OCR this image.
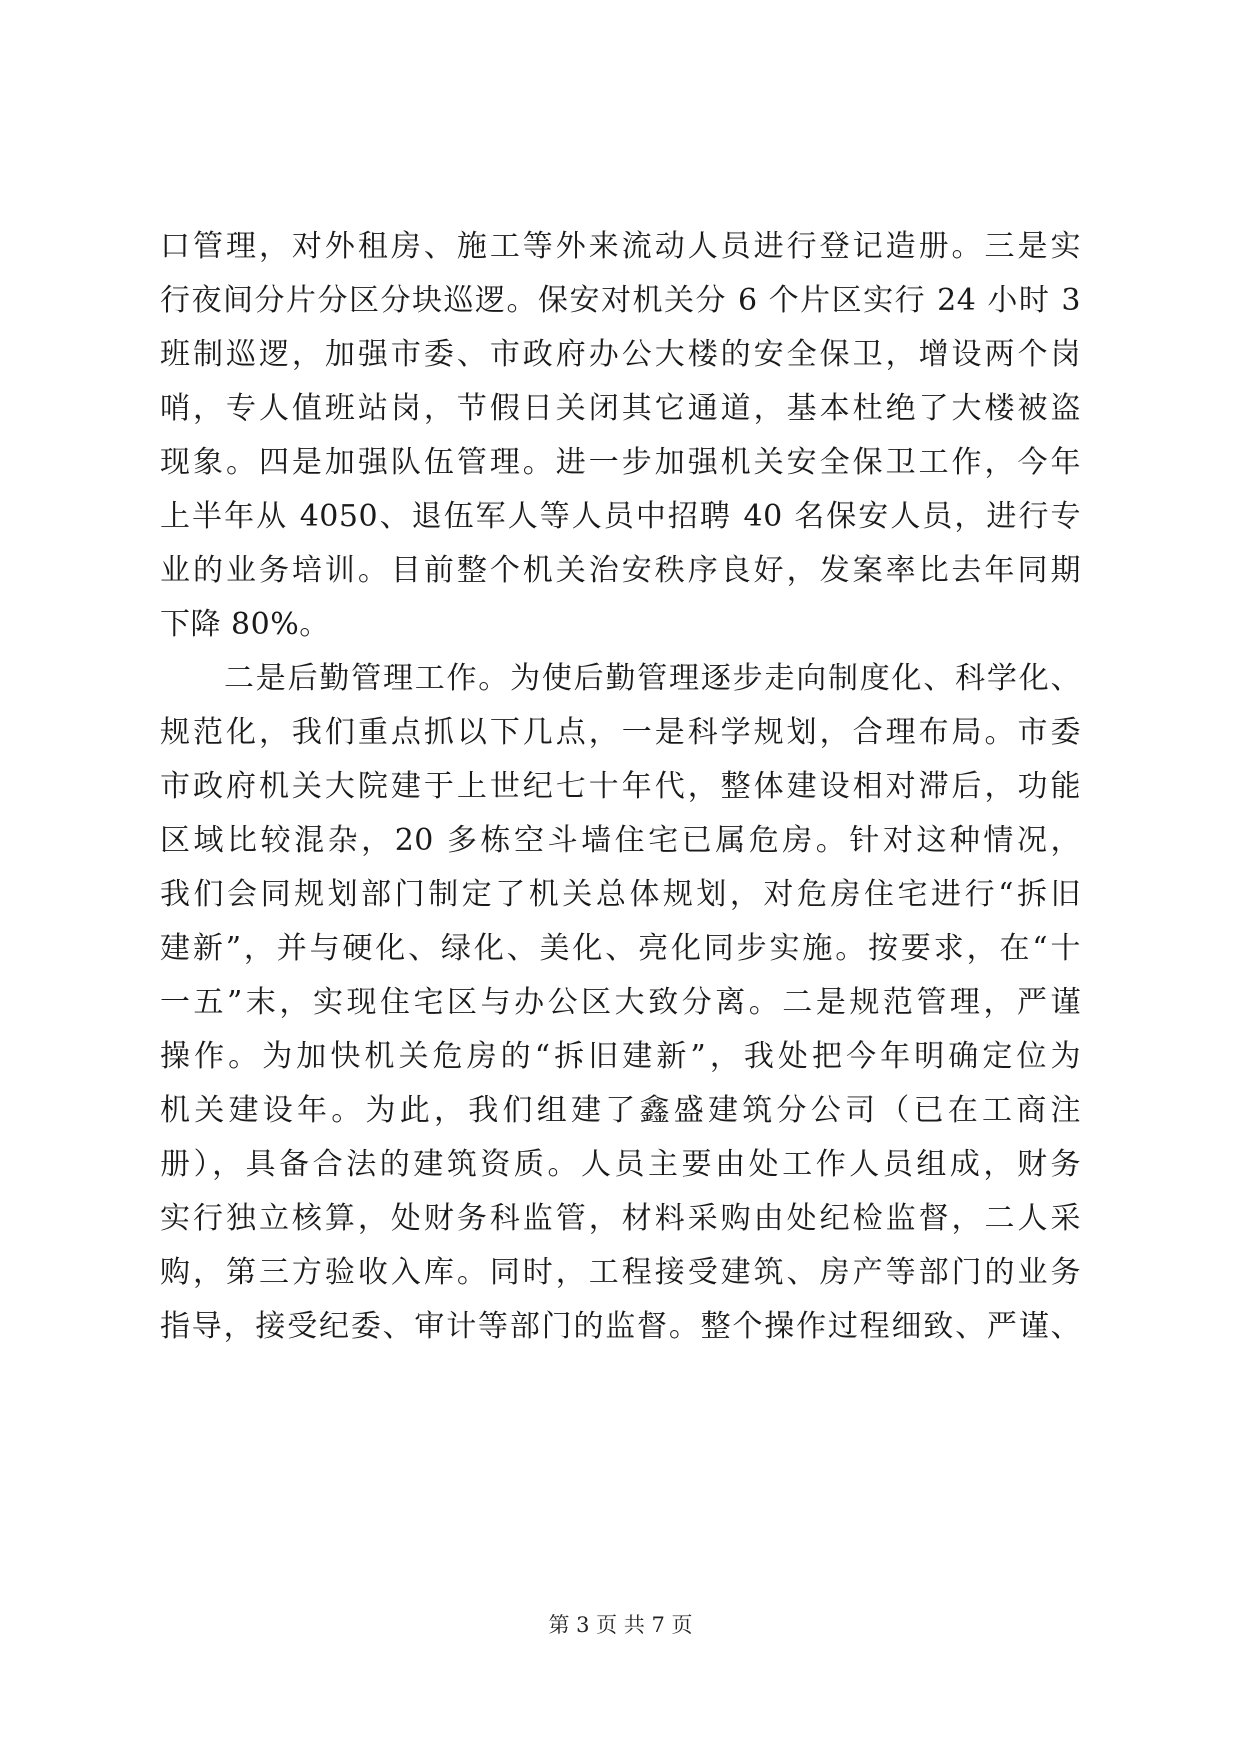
口管理，对外租房、施工等外来流动人员进行登记造册。三是实
行夜间分片分区分块巡逻。保安对机关分 6 个片区实行 24 小时 3
班制巡逻，加强市委、市政府办公大楼的安全保卫，增设两个岗
哨，专人值班站岗，节假日关闭其它通道，基本杜绝了大楼被盗
现象。四是加强队伍管理。进一步加强机关安全保卫工作，今年
上半年从 4050、退伍军人等人员中招聘 40 名保安人员，进行专
业的业务培训。目前整个机关治安秩序良好，发案率比去年同期
下降 80%。
二是后勤管理工作。为使后勤管理逐步走向制度化、科学化、
规范化，我们重点抓以下几点，一是科学规划，合理布局。市委
市政府机关大院建于上世纪七十年代，整体建设相对滞后，功能
区域比较混杂，20 多栋空斗墙住宅已属危房。针对这种情况，
我们会同规划部门制定了机关总体规划，对危房住宅进行“拆旧
建新”，并与硬化、绿化、美化、亮化同步实施。按要求，在“十
一五”末，实现住宅区与办公区大致分离。二是规范管理，严谨
操作。为加快机关危房的“拆旧建新”，我处把今年明确定位为
机关建设年。为此，我们组建了鑫盛建筑分公司（已在工商注
册），具备合法的建筑资质。人员主要由处工作人员组成，财务
实行独立核算，处财务科监管，材料采购由处纪检监督，二人采
购，第三方验收入库。同时，工程接受建筑、房产等部门的业务
指导，接受纪委、审计等部门的监督。整个操作过程细致、严谨、
第 3 页 共 7 页
